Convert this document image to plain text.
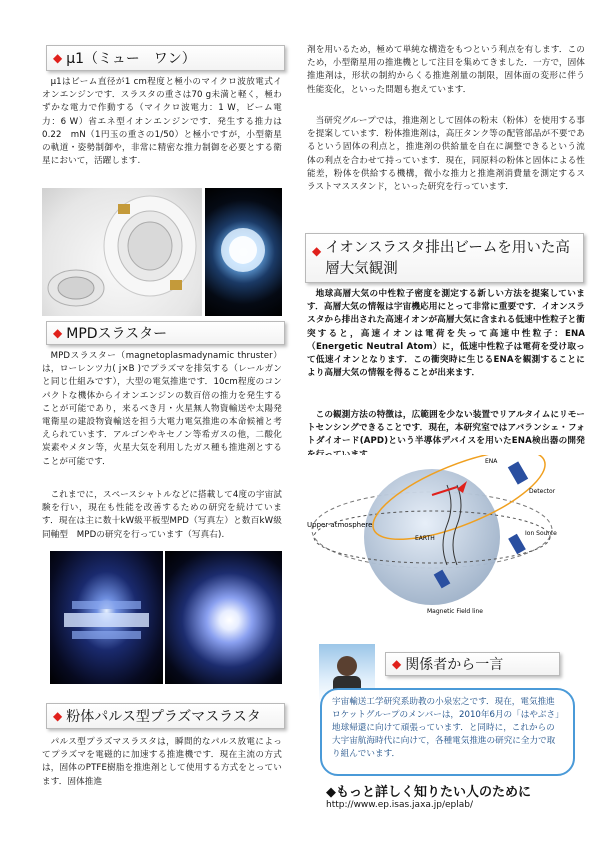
◆ μ1（ミュー　ワン）
μ1はビーム直径が1 cm程度と極小のマイクロ波放電式イオンエンジンです．スラスタの重さは70 g未満と軽く，極わずかな電力で作動する（マイクロ波電力：1 W，ビーム電力：6 W）省エネ型イオンエンジンです．発生する推力は0.22　mN（1円玉の重さの1/50）と極小ですが，小型衛星の軌道・姿勢制御や，非常に精密な推力制御を必要とする衛星において，活躍します.
◆ MPDスラスター
MPDスラスター（magnetoplasmadynamic thruster）は，ローレンツ力( j×B )でプラズマを排気する（レールガンと同じ仕組みです），大型の電気推進です．10cm程度のコンパクトな機体からイオンエンジンの数百倍の推力を発生することが可能であり，来るべき月・火星無人物資輸送や太陽発電衛星の建設物資輸送を担う大電力電気推進の本命候補と考えられています．アルゴンやキセノン等希ガスの他，二酸化炭素やメタン等，火星大気を利用したガス種も推進剤とすることが可能です．
これまでに，スペースシャトルなどに搭載して4度の宇宙試験を行い，現在も性能を改善するための研究を続けています．現在は主に数十kW級平板型MPD（写真左）と数百kW級同軸型　MPDの研究を行っています（写真右).
◆ 粉体パルス型プラズマスラスタ
パルス型プラズマスラスタは，瞬間的なパルス放電によってプラズマを電磁的に加速する推進機です．現在主流の方式は，固体のPTFE樹脂を推進剤として使用する方式をとっています．固体推進
剤を用いるため，極めて単純な構造をもつという利点を有します．このため，小型衛星用の推進機として注目を集めてきました．一方で，固体推進剤は，形状の制約からくる推進剤量の制限，固体面の変形に伴う性能変化，といった問題も抱えています．
当研究グループでは，推進剤として固体の粉末（粉体）を使用する事を提案しています．粉体推進剤は，高圧タンク等の配管部品が不要であるという固体の利点と，推進剤の供給量を自在に調整できるという流体の利点を合わせて持っています．現在，同原料の粉体と固体による性能差，粉体を供給する機構，微小な推力と推進剤消費量を測定するスラストマススタンド，といった研究を行っています．
◆ イオンスラスタ排出ビームを用いた高層大気観測
地球高層大気の中性粒子密度を測定する新しい方法を提案しています．高層大気の情報は宇宙機応用にとって非常に重要です．イオンスラスタから排出された高速イオンが高層大気に含まれる低速中性粒子と衝突すると，高速イオンは電荷を失って高速中性粒子：ENA（Energetic Neutral Atom）に，低速中性粒子は電荷を受け取って低速イオンとなります．この衝突時に生じるENAを観測することにより高層大気の情報を得ることが出来ます．
この観測方法の特徴は，広範囲を少ない装置でリアルタイムにリモートセンシングできることです．現在，本研究室ではアバランシェ・フォトダイオード(APD)という半導体デバイスを用いたENA検出器の開発
Upper atmosphere
EARTH
ENA
Detector
Ion Source
Magnetic Field line
◆ 関係者から一言
宇宙輸送工学研究系助教の小泉宏之です．現在，電気推進ロケットグループのメンバーは，2010年6月の「はやぶさ」地球帰還に向けて頑張っています．と同時に，これからの大宇宙航海時代に向けて，各種電気推進の研究に全力で取り組んでいます．
◆もっと詳しく知りたい人のために
http://www.ep.isas.jaxa.jp/eplab/
